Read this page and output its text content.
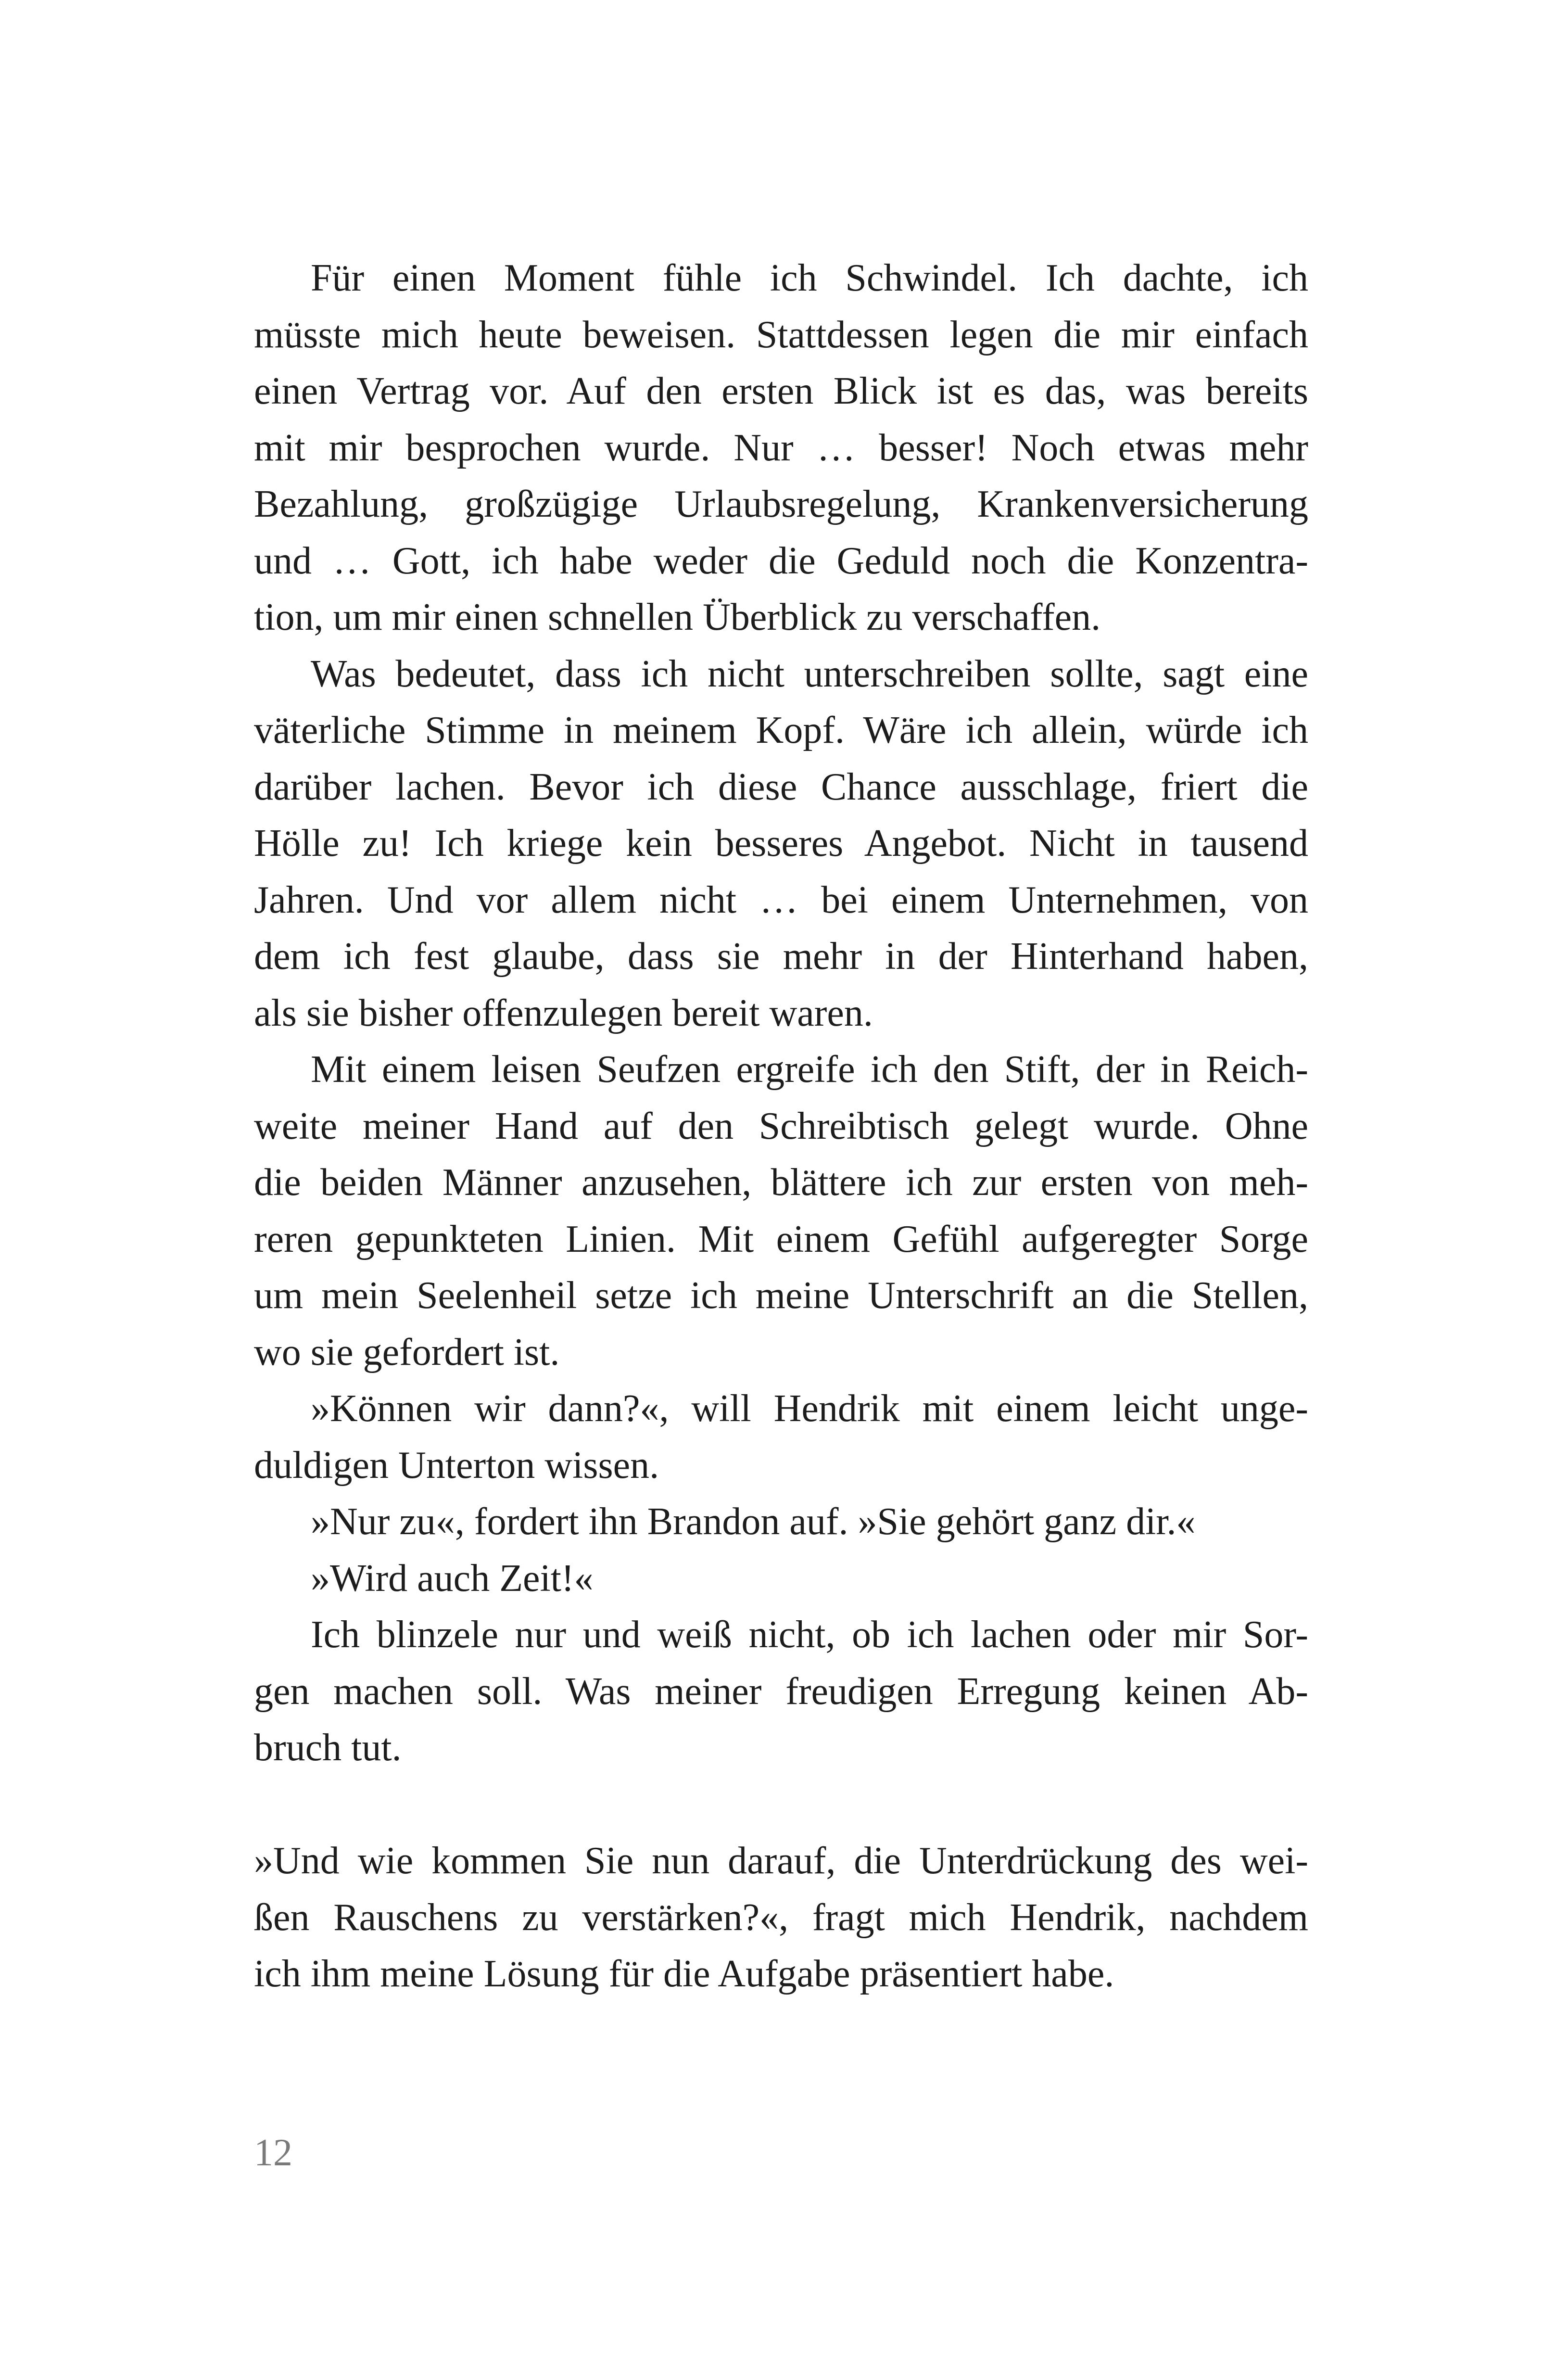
Für einen Moment fühle ich Schwindel. Ich dachte, ich
müsste mich heute beweisen. Stattdessen legen die mir einfach
einen Vertrag vor. Auf den ersten Blick ist es das, was bereits
mit mir besprochen wurde. Nur … besser! Noch etwas mehr
Bezahlung, großzügige Urlaubsregelung, Krankenversicherung
und … Gott, ich habe weder die Geduld noch die Konzentra-
tion, um mir einen schnellen Überblick zu verschaffen.
Was bedeutet, dass ich nicht unterschreiben sollte, sagt eine
väterliche Stimme in meinem Kopf. Wäre ich allein, würde ich
darüber lachen. Bevor ich diese Chance ausschlage, friert die
Hölle zu! Ich kriege kein besseres Angebot. Nicht in tausend
Jahren. Und vor allem nicht … bei einem Unternehmen, von
dem ich fest glaube, dass sie mehr in der Hinterhand haben,
als sie bisher offenzulegen bereit waren.
Mit einem leisen Seufzen ergreife ich den Stift, der in Reich-
weite meiner Hand auf den Schreibtisch gelegt wurde. Ohne
die beiden Männer anzusehen, blättere ich zur ersten von meh-
reren gepunkteten Linien. Mit einem Gefühl aufgeregter Sorge
um mein Seelenheil setze ich meine Unterschrift an die Stellen,
wo sie gefordert ist.
»Können wir dann?«, will Hendrik mit einem leicht unge-
duldigen Unterton wissen.
»Nur zu«, fordert ihn Brandon auf. »Sie gehört ganz dir.«
»Wird auch Zeit!«
Ich blinzele nur und weiß nicht, ob ich lachen oder mir Sor-
gen machen soll. Was meiner freudigen Erregung keinen Ab-
bruch tut.
»Und wie kommen Sie nun darauf, die Unterdrückung des wei-
ßen Rauschens zu verstärken?«, fragt mich Hendrik, nachdem
ich ihm meine Lösung für die Aufgabe präsentiert habe.
12
